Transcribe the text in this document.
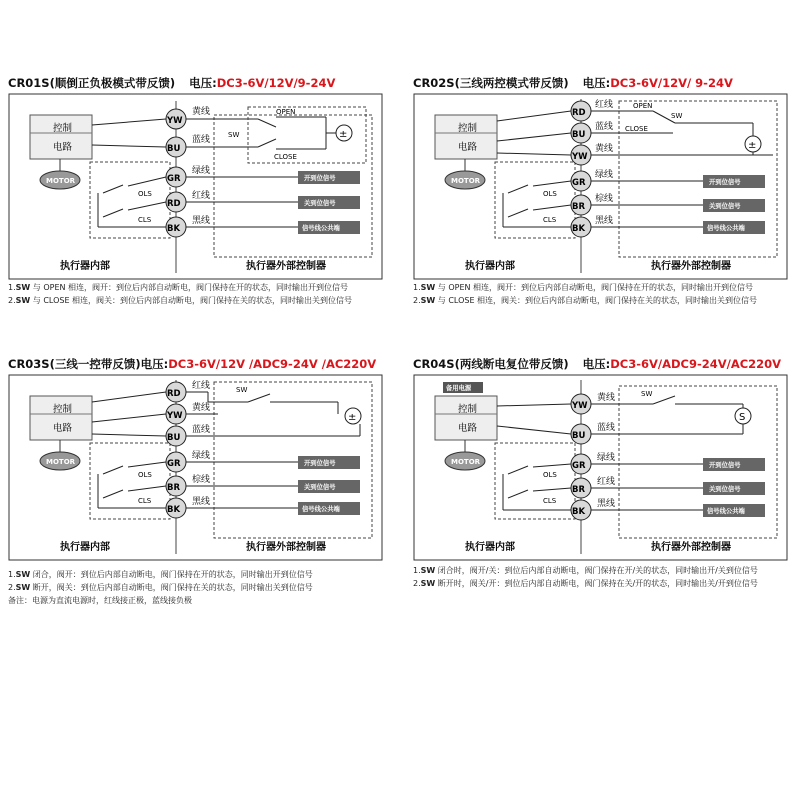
CR01S(顺倒正负极模式带反馈) 电压:DC3-6V/12V/9-24V
控制
电路
MOTOR
OLS
CLS
SW
OPEN
CLOSE
±
开到位信号
关到位信号
信号线公共端
YW
BU
GR
RD
BK
黄线
蓝线
绿线
红线
黑线
执行器内部	执行器外部控制器
1.SW 与 OPEN 相连，阀开：到位后内部自动断电，阀门保持在开的状态，同时输出开到位信号
2.SW 与 CLOSE 相连，阀关：到位后内部自动断电，阀门保持在关的状态，同时输出关到位信号
CR02S(三线两控模式带反馈) 电压:DC3-6V/12V/ 9-24V
控制
电路
MOTOR
OLS
CLS
OPEN
CLOSE
SW
±
开到位信号
关到位信号
信号线公共端
RD
BU
YW
GR
BR
BK
红线
蓝线
黄线
绿线
棕线
黑线
执行器内部	执行器外部控制器
1.SW 与 OPEN 相连，阀开：到位后内部自动断电，阀门保持在开的状态，同时输出开到位信号
2.SW 与 CLOSE 相连，阀关：到位后内部自动断电，阀门保持在关的状态，同时输出关到位信号
CR03S(三线一控带反馈)电压:DC3-6V/12V /ADC9-24V /AC220V
控制
电路
MOTOR
OLS
CLS
SW
±
开到位信号
关到位信号
信号线公共端
RD
YW
BU
GR
BR
BK
红线
黄线
蓝线
绿线
棕线
黑线
执行器内部	执行器外部控制器
1.SW 闭合，阀开：到位后内部自动断电，阀门保持在开的状态，同时输出开到位信号
2.SW 断开，阀关：到位后内部自动断电，阀门保持在关的状态，同时输出关到位信号
备注：电源为直流电源时，红线接正极，蓝线接负极
CR04S(两线断电复位带反馈) 电压:DC3-6V/ADC9-24V/AC220V
备用电源
控制
电路
MOTOR
OLS
CLS
SW
S
开到位信号
关到位信号
信号线公共端
YW
BU
GR
BR
BK
黄线
蓝线
绿线
红线
黑线
执行器内部	执行器外部控制器
1.SW 闭合时，阀开/关：到位后内部自动断电，阀门保持在开/关的状态，同时输出开/关到位信号
2.SW 断开时，阀关/开：到位后内部自动断电，阀门保持在关/开的状态，同时输出关/开到位信号
